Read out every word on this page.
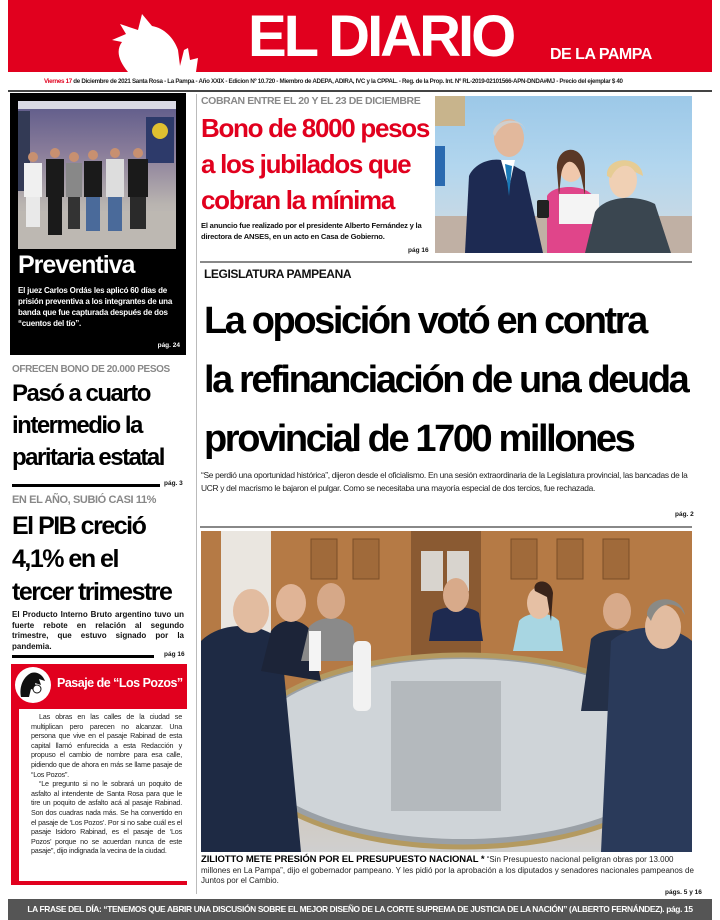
EL DIARIO DE LA PAMPA
Viernes 17 de Diciembre de 2021 Santa Rosa - La Pampa - Año XXIX - Edicion Nº 10.720 - Miembro de ADEPA, ADIRA, IVC y la CPPAL. - Reg. de la Prop. Int. Nº RL-2019-02101566-APN-DNDA#MJ - Precio del ejemplar $ 40
Preventiva
El juez Carlos Ordás les aplicó 60 días de prisión preventiva a los integrantes de una banda que fue capturada después de dos “cuentos del tío”.
pág. 24
OFRECEN BONO DE 20.000 PESOS
Pasó a cuarto
intermedio la
paritaria estatal
pág. 3
EN EL AÑO, SUBIÓ CASI 11%
El PIB creció
4,1% en el
tercer trimestre
El Producto Interno Bruto argentino tuvo un fuerte rebote en relación al segundo trimestre, que estuvo signado por la pandemia.
pág 16
Pasaje de “Los Pozos”

Las obras en las calles de la ciudad se multiplican pero parecen no alcanzar. Una persona que vive en el pasaje Rabinad de esta capital llamó enfurecida a esta Redacción y propuso el cambio de nombre para esa calle, pidiendo que de ahora en más se llame pasaje de “Los Pozos”.

“Le pregunto si no le sobrará un poquito de asfalto al intendente de Santa Rosa para que le tire un poquito de asfalto acá al pasaje Rabinad. Son dos cuadras nada más. Se ha convertido en el pasaje de ‘Los Pozos’. Por si no sabe cuál es el pasaje Isidoro Rabinad, es el pasaje de ‘Los Pozos’ porque no se acuerdan nunca de este pasaje”, dijo indignada la vecina de la ciudad.

COBRAN ENTRE EL 20 Y EL 23 DE DICIEMBRE
Bono de 8000 pesos
a los jubilados que
cobran la mínima
El anuncio fue realizado por el presidente Alberto Fernández y la directora de ANSES, en un acto en Casa de Gobierno.
pág 16
LEGISLATURA PAMPEANA
La oposición votó en contra
la refinanciación de una deuda
provincial de 1700 millones
“Se perdió una oportunidad histórica”, dijeron desde el oficialismo. En una sesión extraordinaria de la Legislatura provincial, las bancadas de la UCR y del macrismo le bajaron el pulgar. Como se necesitaba una mayoría especial de dos tercios, fue rechazada.
pág. 2
ZILIOTTO METE PRESIÓN POR EL PRESUPUESTO NACIONAL * “Sin Presupuesto nacional peligran obras por 13.000 millones en La Pampa”, dijo el gobernador pampeano. Y les pidió por la aprobación a los diputados y senadores nacionales pampeanos de Juntos por el Cambio.
págs. 5 y 16
LA FRASE DEL DÍA: “TENEMOS QUE ABRIR UNA DISCUSIÓN SOBRE EL MEJOR DISEÑO DE LA CORTE SUPREMA DE JUSTICIA DE LA NACIÓN” (ALBERTO FERNÁNDEZ). pág. 15
